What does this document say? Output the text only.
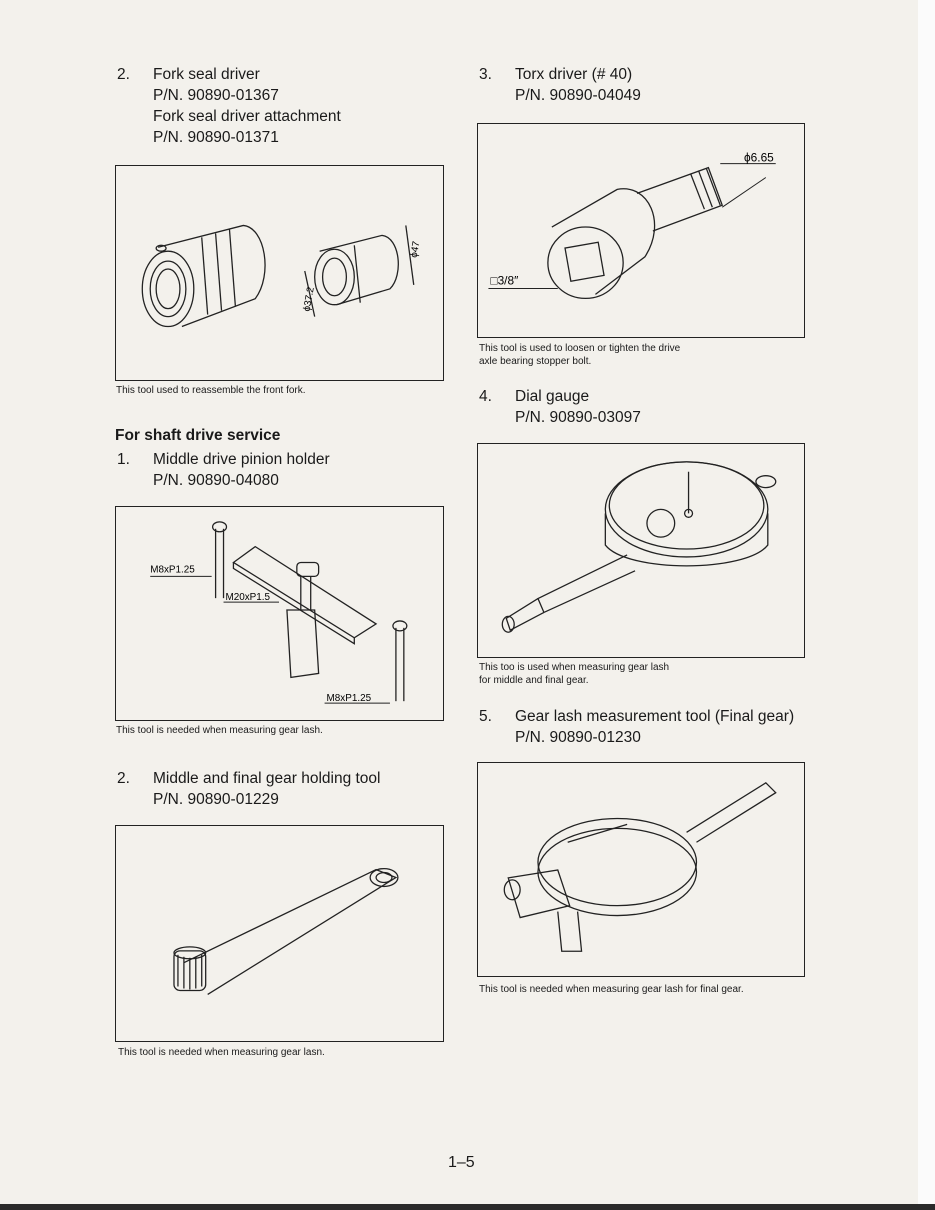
2. Fork seal driver
P/N. 90890-01367
Fork seal driver attachment
P/N. 90890-01371
ϕ37.2
ϕ47
This tool used to reassemble the front fork.
For shaft drive service
1. Middle drive pinion holder
P/N. 90890-04080
M8xP1.25
M20xP1.5
M8xP1.25
This tool is needed when measuring gear lash.
2. Middle and final gear holding tool
P/N. 90890-01229
This tool is needed when measuring gear lasn.
3. Torx driver (# 40)
P/N. 90890-04049
ϕ6.65
□3/8″
This tool is used to loosen or tighten the drive
axle bearing stopper bolt.
4. Dial gauge
P/N. 90890-03097
This too is used when measuring gear lash
for middle and final gear.
5. Gear lash measurement tool (Final gear)
P/N. 90890-01230
This tool is needed when measuring gear lash for final gear.
1–5
